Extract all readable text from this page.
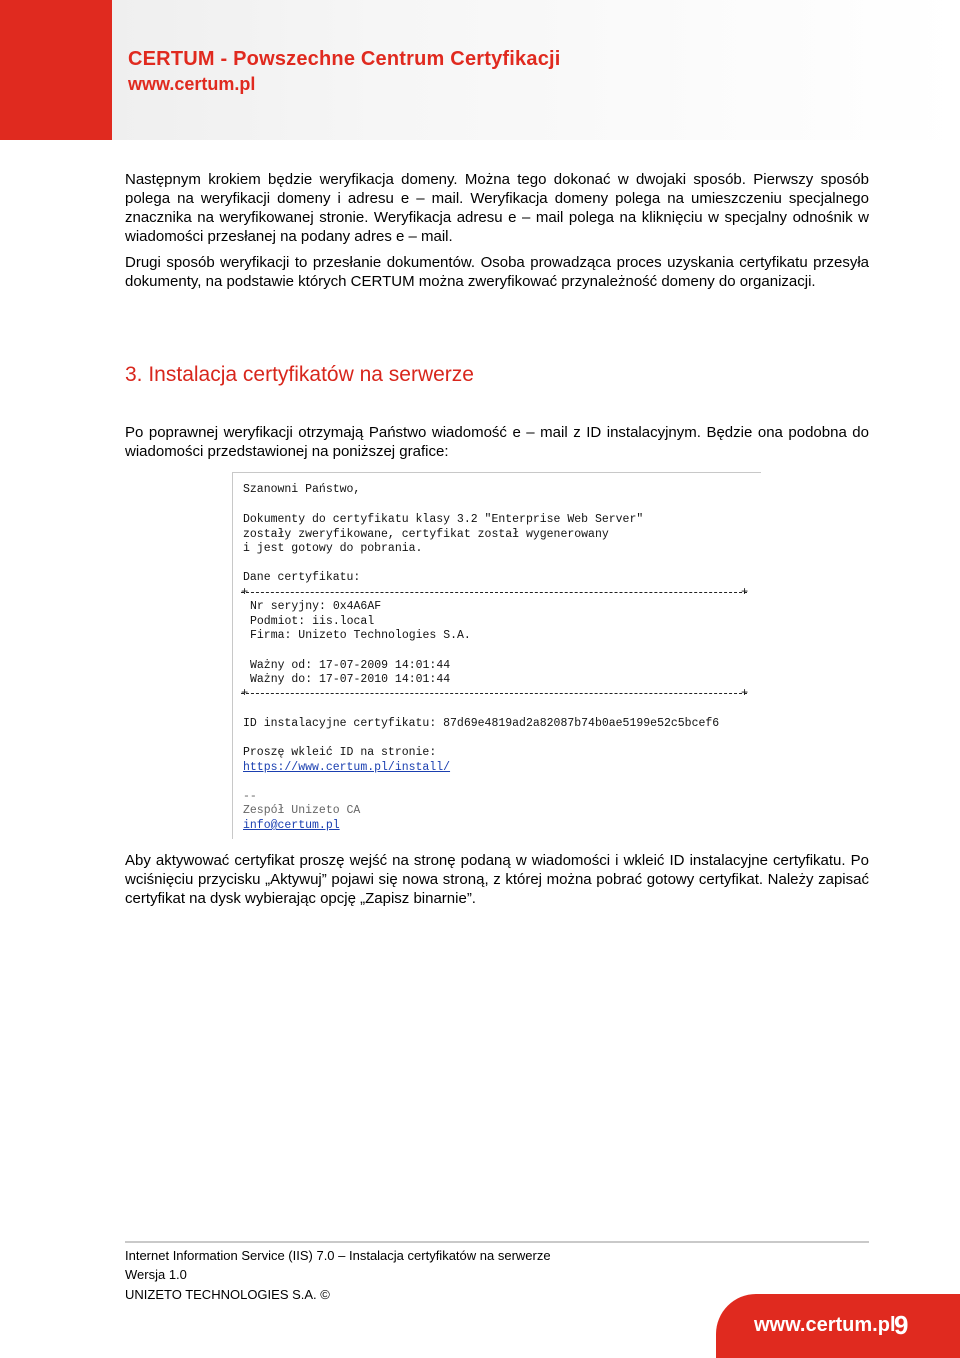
CERTUM - Powszechne Centrum Certyfikacji
www.certum.pl
Następnym krokiem będzie weryfikacja domeny. Można tego dokonać w dwojaki sposób. Pierwszy sposób polega na weryfikacji domeny i adresu e – mail. Weryfikacja domeny polega na umieszczeniu specjalnego znacznika na weryfikowanej stronie. Weryfikacja adresu e – mail polega na kliknięciu w specjalny odnośnik w wiadomości przesłanej na podany adres e – mail.
Drugi sposób weryfikacji to przesłanie dokumentów. Osoba prowadząca proces uzyskania certyfikatu przesyła dokumenty, na podstawie których CERTUM można zweryfikować przynależność domeny do organizacji.
3. Instalacja certyfikatów na serwerze
Po poprawnej weryfikacji otrzymają Państwo wiadomość e – mail z ID instalacyjnym. Będzie ona podobna do wiadomości przedstawionej na poniższej grafice:
Szanowni Państwo,
Dokumenty do certyfikatu klasy 3.2 "Enterprise Web Server"
zostały zweryfikowane, certyfikat został wygenerowany
i jest gotowy do pobrania.
Dane certyfikatu:
+	+
Nr seryjny: 0x4A6AF
Podmiot: iis.local
Firma: Unizeto Technologies S.A.
Ważny od: 17-07-2009 14:01:44
Ważny do: 17-07-2010 14:01:44
+	+
ID instalacyjne certyfikatu: 87d69e4819ad2a82087b74b0ae5199e52c5bcef6
Proszę wkleić ID na stronie:
https://www.certum.pl/install/
--
Zespół Unizeto CA
info@certum.pl
Aby aktywować certyfikat proszę wejść na stronę podaną w wiadomości i wkleić ID instalacyjne certyfikatu. Po wciśnięciu przycisku „Aktywuj” pojawi się nowa stroną, z której można pobrać gotowy certyfikat. Należy zapisać certyfikat na dysk wybierając opcję „Zapisz binarnie”.
Internet Information Service (IIS) 7.0 – Instalacja certyfikatów na serwerze
Wersja 1.0
UNIZETO TECHNOLOGIES S.A. ©
www.certum.pl
9
